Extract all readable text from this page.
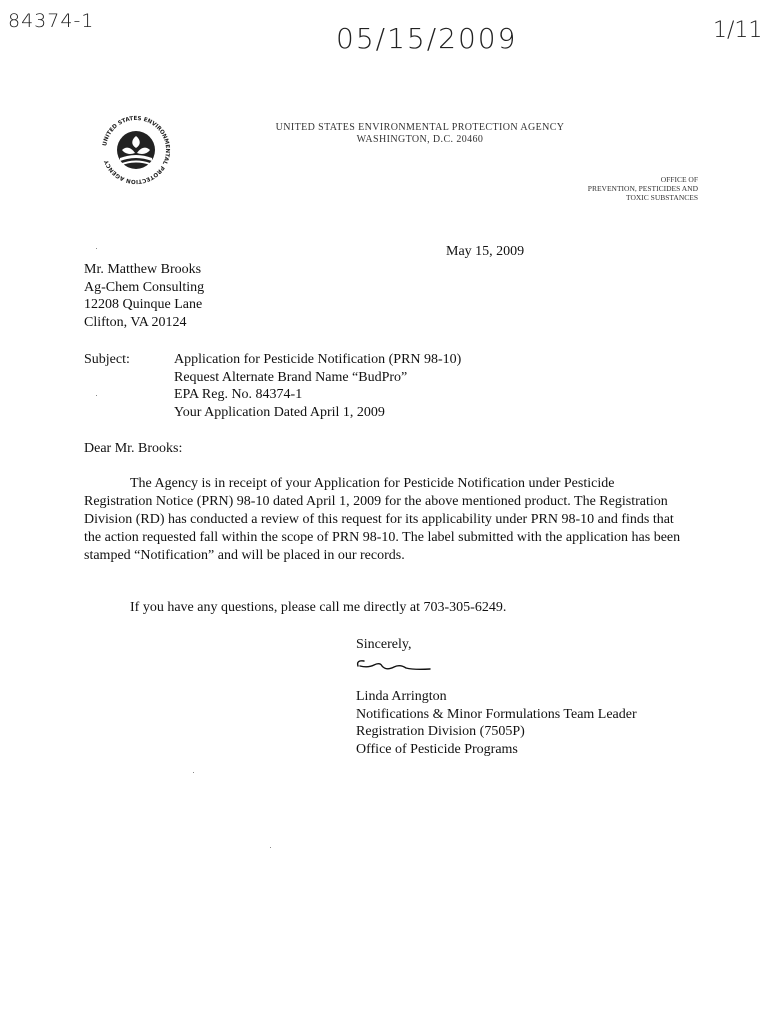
84374-1
05/15/2009	1/11
UNITED STATES ENVIRONMENTAL PROTECTION AGENCY
UNITED STATES ENVIRONMENTAL PROTECTION AGENCY
WASHINGTON, D.C. 20460
OFFICE OF
PREVENTION, PESTICIDES AND
TOXIC SUBSTANCES
May 15, 2009
Mr. Matthew Brooks
Ag-Chem Consulting
12208 Quinque Lane
Clifton, VA 20124
Subject:	Application for Pesticide Notification (PRN 98-10)
Request Alternate Brand Name “BudPro”
EPA Reg. No. 84374-1
Your Application Dated April 1, 2009
Dear Mr. Brooks:
The Agency is in receipt of your Application for Pesticide Notification under Pesticide Registration Notice (PRN) 98-10 dated April 1, 2009 for the above mentioned product. The Registration Division (RD) has conducted a review of this request for its applicability under PRN 98-10 and finds that the action requested fall within the scope of PRN 98-10. The label submitted with the application has been stamped “Notification” and will be placed in our records.
If you have any questions, please call me directly at 703-305-6249.
Sincerely,
Linda Arrington
Notifications & Minor Formulations Team Leader
Registration Division (7505P)
Office of Pesticide Programs
